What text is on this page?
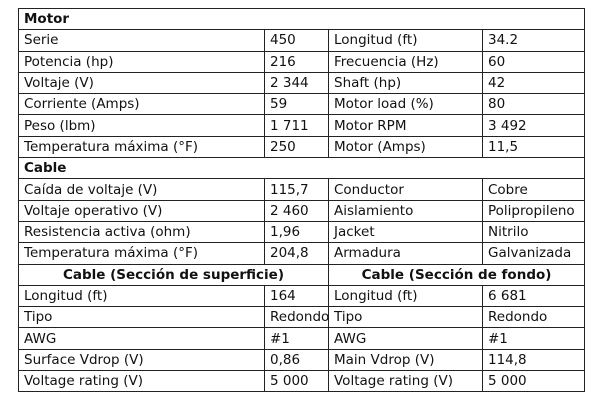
Motor			
Serie	450	Longitud (ft)	34.2
Potencia (hp)	216	Frecuencia (Hz)	60
Voltaje (V)	2 344	Shaft (hp)	42
Corriente (Amps)	59	Motor load (%)	80
Peso (lbm)	1 711	Motor RPM	3 492
Temperatura máxima (°F)	250	Motor (Amps)	11,5
Cable			
Caída de voltaje (V)	115,7	Conductor	Cobre
Voltaje operativo (V)	2 460	Aislamiento	Polipropileno
Resistencia activa (ohm)	1,96	Jacket	Nitrilo
Temperatura máxima (°F)	204,8	Armadura	Galvanizada
Cable (Sección de superficie)		Cable (Sección de fondo)	
Longitud (ft)	164	Longitud (ft)	6 681
Tipo	Redondo	Tipo	Redondo
AWG	#1	AWG	#1
Surface Vdrop (V)	0,86	Main Vdrop (V)	114,8
Voltage rating (V)	5 000	Voltage rating (V)	5 000
